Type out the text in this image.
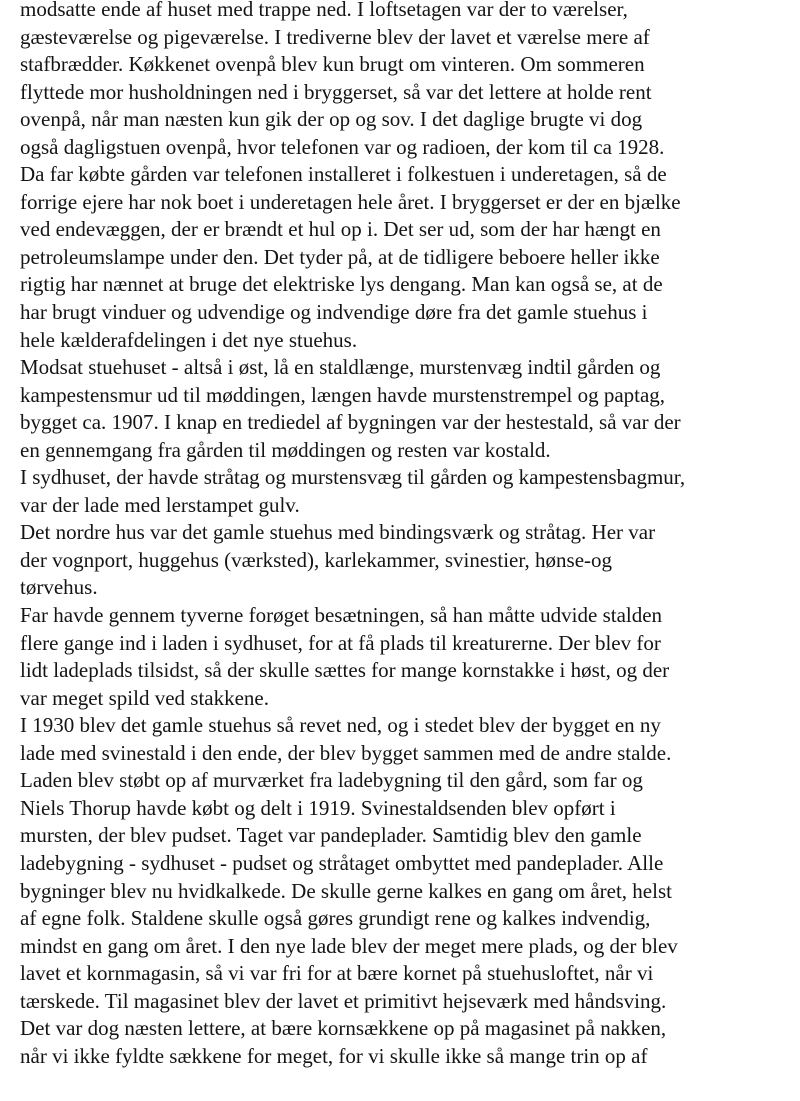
modsatte ende af huset med trappe ned. I loftsetagen var der to værelser,
gæsteværelse og pigeværelse. I trediverne blev der lavet et værelse mere af
stafbrædder. Køkkenet ovenpå blev kun brugt om vinteren. Om sommeren
flyttede mor husholdningen ned i bryggerset, så var det lettere at holde rent
ovenpå, når man næsten kun gik der op og sov. I det daglige brugte vi dog
også dagligstuen ovenpå, hvor telefonen var og radioen, der kom til ca 1928.
Da far købte gården var telefonen installeret i folkestuen i underetagen, så de
forrige ejere har nok boet i underetagen hele året. I bryggerset er der en bjælke
ved endevæggen, der er brændt et hul op i. Det ser ud, som der har hængt en
petroleumslampe under den. Det tyder på, at de tidligere beboere heller ikke
rigtig har nænnet at bruge det elektriske lys dengang. Man kan også se, at de
har brugt vinduer og udvendige og indvendige døre fra det gamle stuehus i
hele kælderafdelingen i det nye stuehus.
Modsat stuehuset - altså i øst, lå en staldlænge, murstenvæg indtil gården og
kampestensmur ud til møddingen, længen havde murstenstrempel og paptag,
bygget ca. 1907. I knap en trediedel af bygningen var der hestestald, så var der
en gennemgang fra gården til møddingen og resten var kostald.
I sydhuset, der havde stråtag og murstensvæg til gården og kampestensbagmur,
var der lade med lerstampet gulv.
Det nordre hus var det gamle stuehus med bindingsværk og stråtag. Her var
der vognport, huggehus (værksted), karlekammer, svinestier, hønse-og
tørvehus.
Far havde gennem tyverne forøget besætningen, så han måtte udvide stalden
flere gange ind i laden i sydhuset, for at få plads til kreaturerne. Der blev for
lidt ladeplads tilsidst, så der skulle sættes for mange kornstakke i høst, og der
var meget spild ved stakkene.
I 1930 blev det gamle stuehus så revet ned, og i stedet blev der bygget en ny
lade med svinestald i den ende, der blev bygget sammen med de andre stalde.
Laden blev støbt op af murværket fra ladebygning til den gård, som far og
Niels Thorup havde købt og delt i 1919. Svinestaldsenden blev opført i
mursten, der blev pudset. Taget var pandeplader. Samtidig blev den gamle
ladebygning - sydhuset - pudset og stråtaget ombyttet med pandeplader. Alle
bygninger blev nu hvidkalkede. De skulle gerne kalkes en gang om året, helst
af egne folk. Staldene skulle også gøres grundigt rene og kalkes indvendig,
mindst en gang om året. I den nye lade blev der meget mere plads, og der blev
lavet et kornmagasin, så vi var fri for at bære kornet på stuehusloftet, når vi
tærskede. Til magasinet blev der lavet et primitivt hejseværk med håndsving.
Det var dog næsten lettere, at bære kornsækkene op på magasinet på nakken,
når vi ikke fyldte sækkene for meget, for vi skulle ikke så mange trin op af
